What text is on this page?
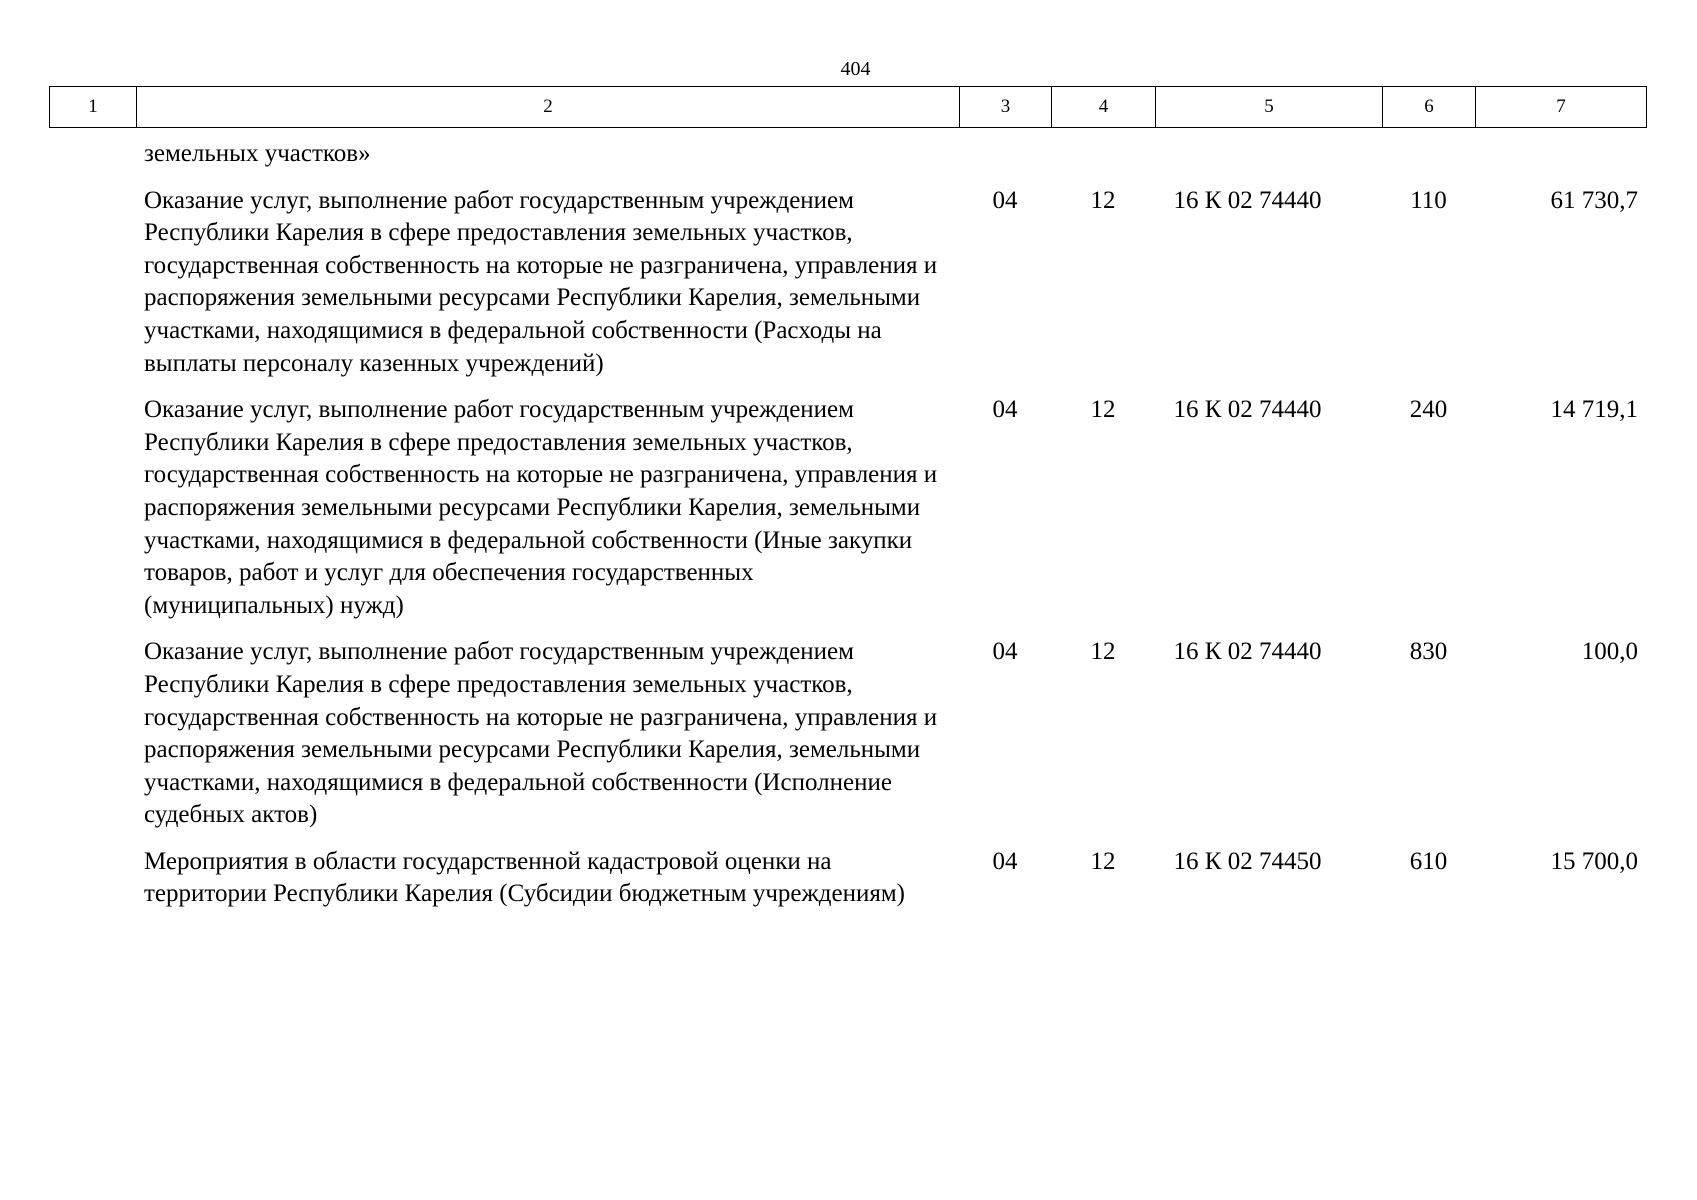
404
1	2	3	4	5	6	7
земельных участков»					
Оказание услуг, выполнение работ государственным учреждением Республики Карелия в сфере предоставления земельных участков, государственная собственность на которые не разграничена, управления и распоряжения земельными ресурсами Республики Карелия, земельными участками, находящимися в федеральной собственности (Расходы на выплаты персоналу казенных учреждений)	04	12	16 К 02 74440	110	61 730,7
Оказание услуг, выполнение работ государственным учреждением Республики Карелия в сфере предоставления земельных участков, государственная собственность на которые не разграничена, управления и распоряжения земельными ресурсами Республики Карелия, земельными участками, находящимися в федеральной собственности (Иные закупки товаров, работ и услуг для обеспечения государственных (муниципальных) нужд)	04	12	16 К 02 74440	240	14 719,1
Оказание услуг, выполнение работ государственным учреждением Республики Карелия в сфере предоставления земельных участков, государственная собственность на которые не разграничена, управления и распоряжения земельными ресурсами Республики Карелия, земельными участками, находящимися в федеральной собственности (Исполнение судебных актов)	04	12	16 К 02 74440	830	100,0
Мероприятия в области государственной кадастровой оценки на территории Республики Карелия (Субсидии бюджетным учреждениям)	04	12	16 К 02 74450	610	15 700,0
